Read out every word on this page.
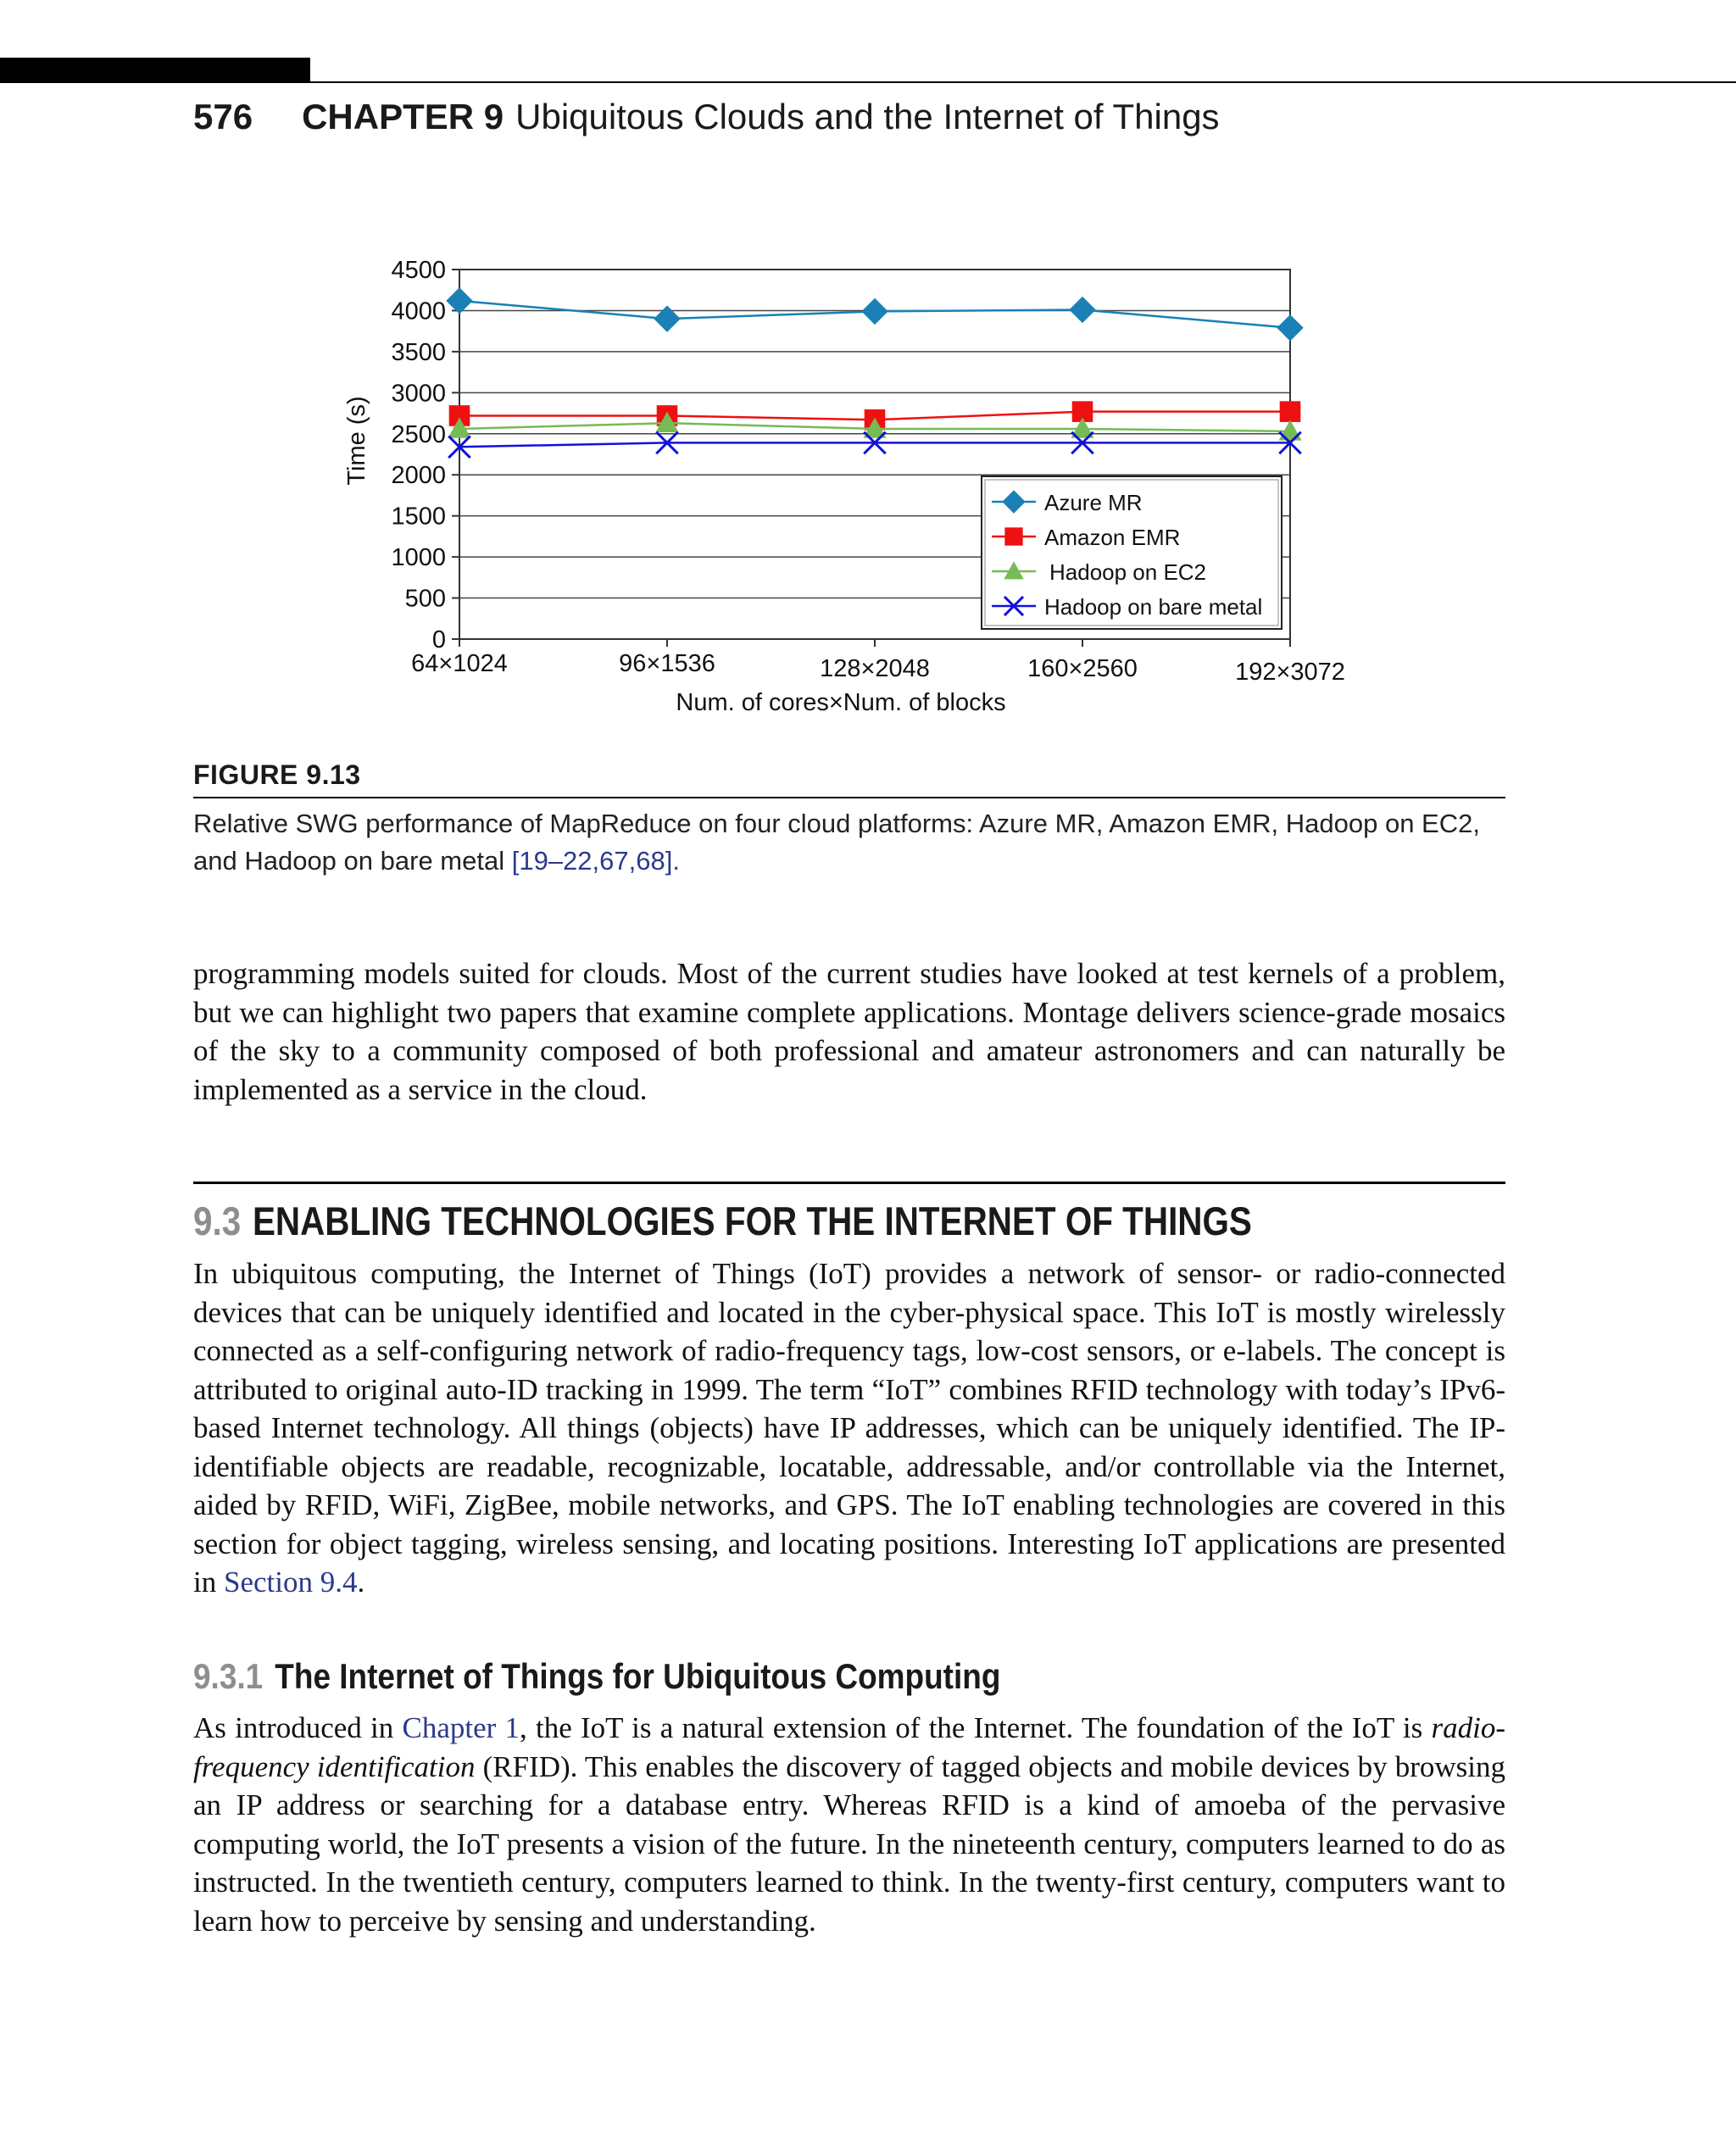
576 CHAPTER 9 Ubiquitous Clouds and the Internet of Things
0
500
1000
1500
2000
2500
3000
3500
4000
4500
64×1024	96×1536	128×2048	160×2560	192×3072
Time (s)
Num. of cores×Num. of blocks
Azure MR
Amazon EMR
Hadoop on EC2
Hadoop on bare metal
FIGURE 9.13
Relative SWG performance of MapReduce on four cloud platforms: Azure MR, Amazon EMR, Hadoop on EC2, and Hadoop on bare metal [19–22,67,68].
programming models suited for clouds. Most of the current studies have looked at test kernels of a problem, but we can highlight two papers that examine complete applications. Montage delivers science-grade mosaics of the sky to a community composed of both professional and amateur astronomers and can naturally be implemented as a service in the cloud.
9.3 ENABLING TECHNOLOGIES FOR THE INTERNET OF THINGS
In ubiquitous computing, the Internet of Things (IoT) provides a network of sensor- or radio-connected devices that can be uniquely identified and located in the cyber-physical space. This IoT is mostly wirelessly connected as a self-configuring network of radio-frequency tags, low-cost sensors, or e-labels. The concept is attributed to original auto-ID tracking in 1999. The term “IoT” combines RFID technology with today’s IPv6-based Internet technology. All things (objects) have IP addresses, which can be uniquely identified. The IP-identifiable objects are readable, recognizable, locatable, addressable, and/or controllable via the Internet, aided by RFID, WiFi, ZigBee, mobile networks, and GPS. The IoT enabling technologies are covered in this section for object tagging, wireless sensing, and locating positions. Interesting IoT applications are presented in Section 9.4.
9.3.1 The Internet of Things for Ubiquitous Computing
As introduced in Chapter 1, the IoT is a natural extension of the Internet. The foundation of the IoT is radio-frequency identification (RFID). This enables the discovery of tagged objects and mobile devices by browsing an IP address or searching for a database entry. Whereas RFID is a kind of amoeba of the pervasive computing world, the IoT presents a vision of the future. In the nineteenth century, computers learned to do as instructed. In the twentieth century, computers learned to think. In the twenty-first century, computers want to learn how to perceive by sensing and understanding.
